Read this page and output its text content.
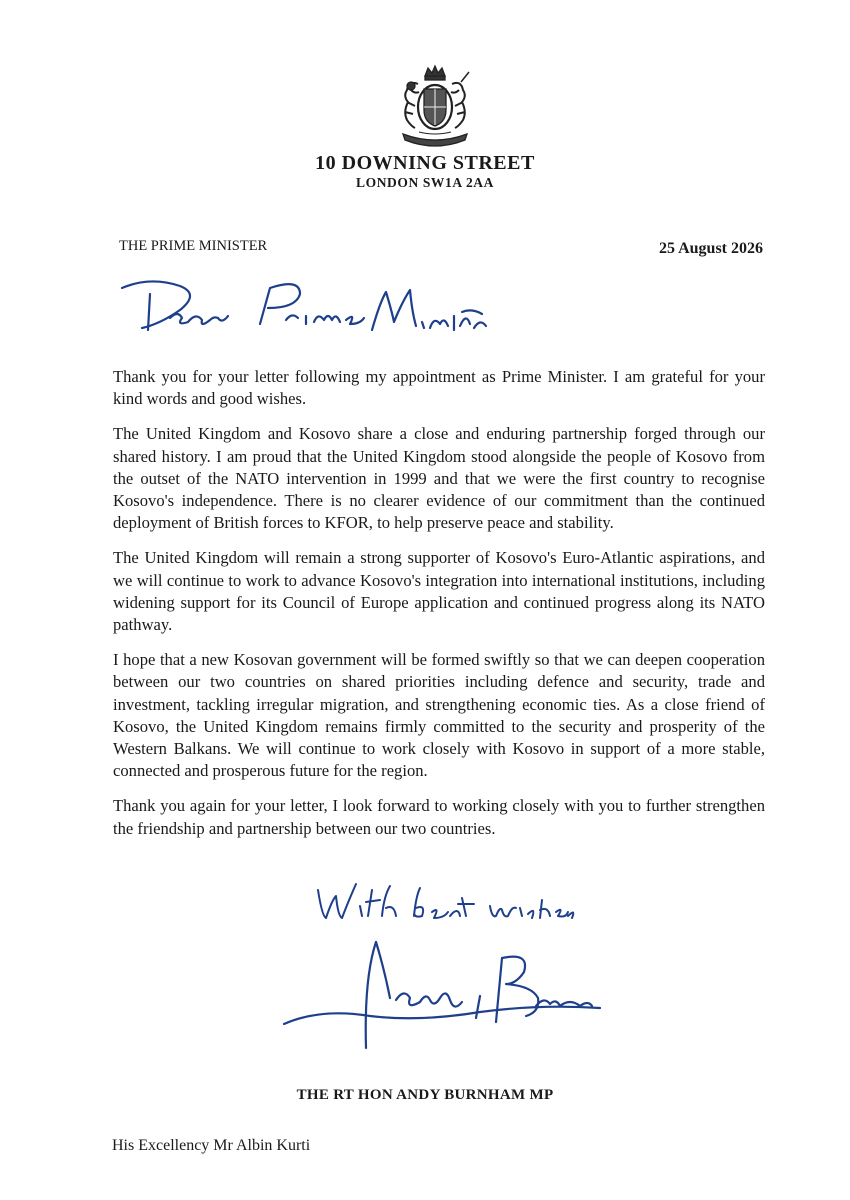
10 DOWNING STREET
LONDON SW1A 2AA
THE PRIME MINISTER	25 August 2026

Thank you for your letter following my appointment as Prime Minister. I am grateful for your kind words and good wishes.

The United Kingdom and Kosovo share a close and enduring partnership forged through our shared history. I am proud that the United Kingdom stood alongside the people of Kosovo from the outset of the NATO intervention in 1999 and that we were the first country to recognise Kosovo's independence. There is no clearer evidence of our commitment than the continued deployment of British forces to KFOR, to help preserve peace and stability.

The United Kingdom will remain a strong supporter of Kosovo's Euro-Atlantic aspirations, and we will continue to work to advance Kosovo's integration into international institutions, including widening support for its Council of Europe application and continued progress along its NATO pathway.

I hope that a new Kosovan government will be formed swiftly so that we can deepen cooperation between our two countries on shared priorities including defence and security, trade and investment, tackling irregular migration, and strengthening economic ties. As a close friend of Kosovo, the United Kingdom remains firmly committed to the security and prosperity of the Western Balkans. We will continue to work closely with Kosovo in support of a more stable, connected and prosperous future for the region.

Thank you again for your letter, I look forward to working closely with you to further strengthen the friendship and partnership between our two countries.

THE RT HON ANDY BURNHAM MP
His Excellency Mr Albin Kurti
